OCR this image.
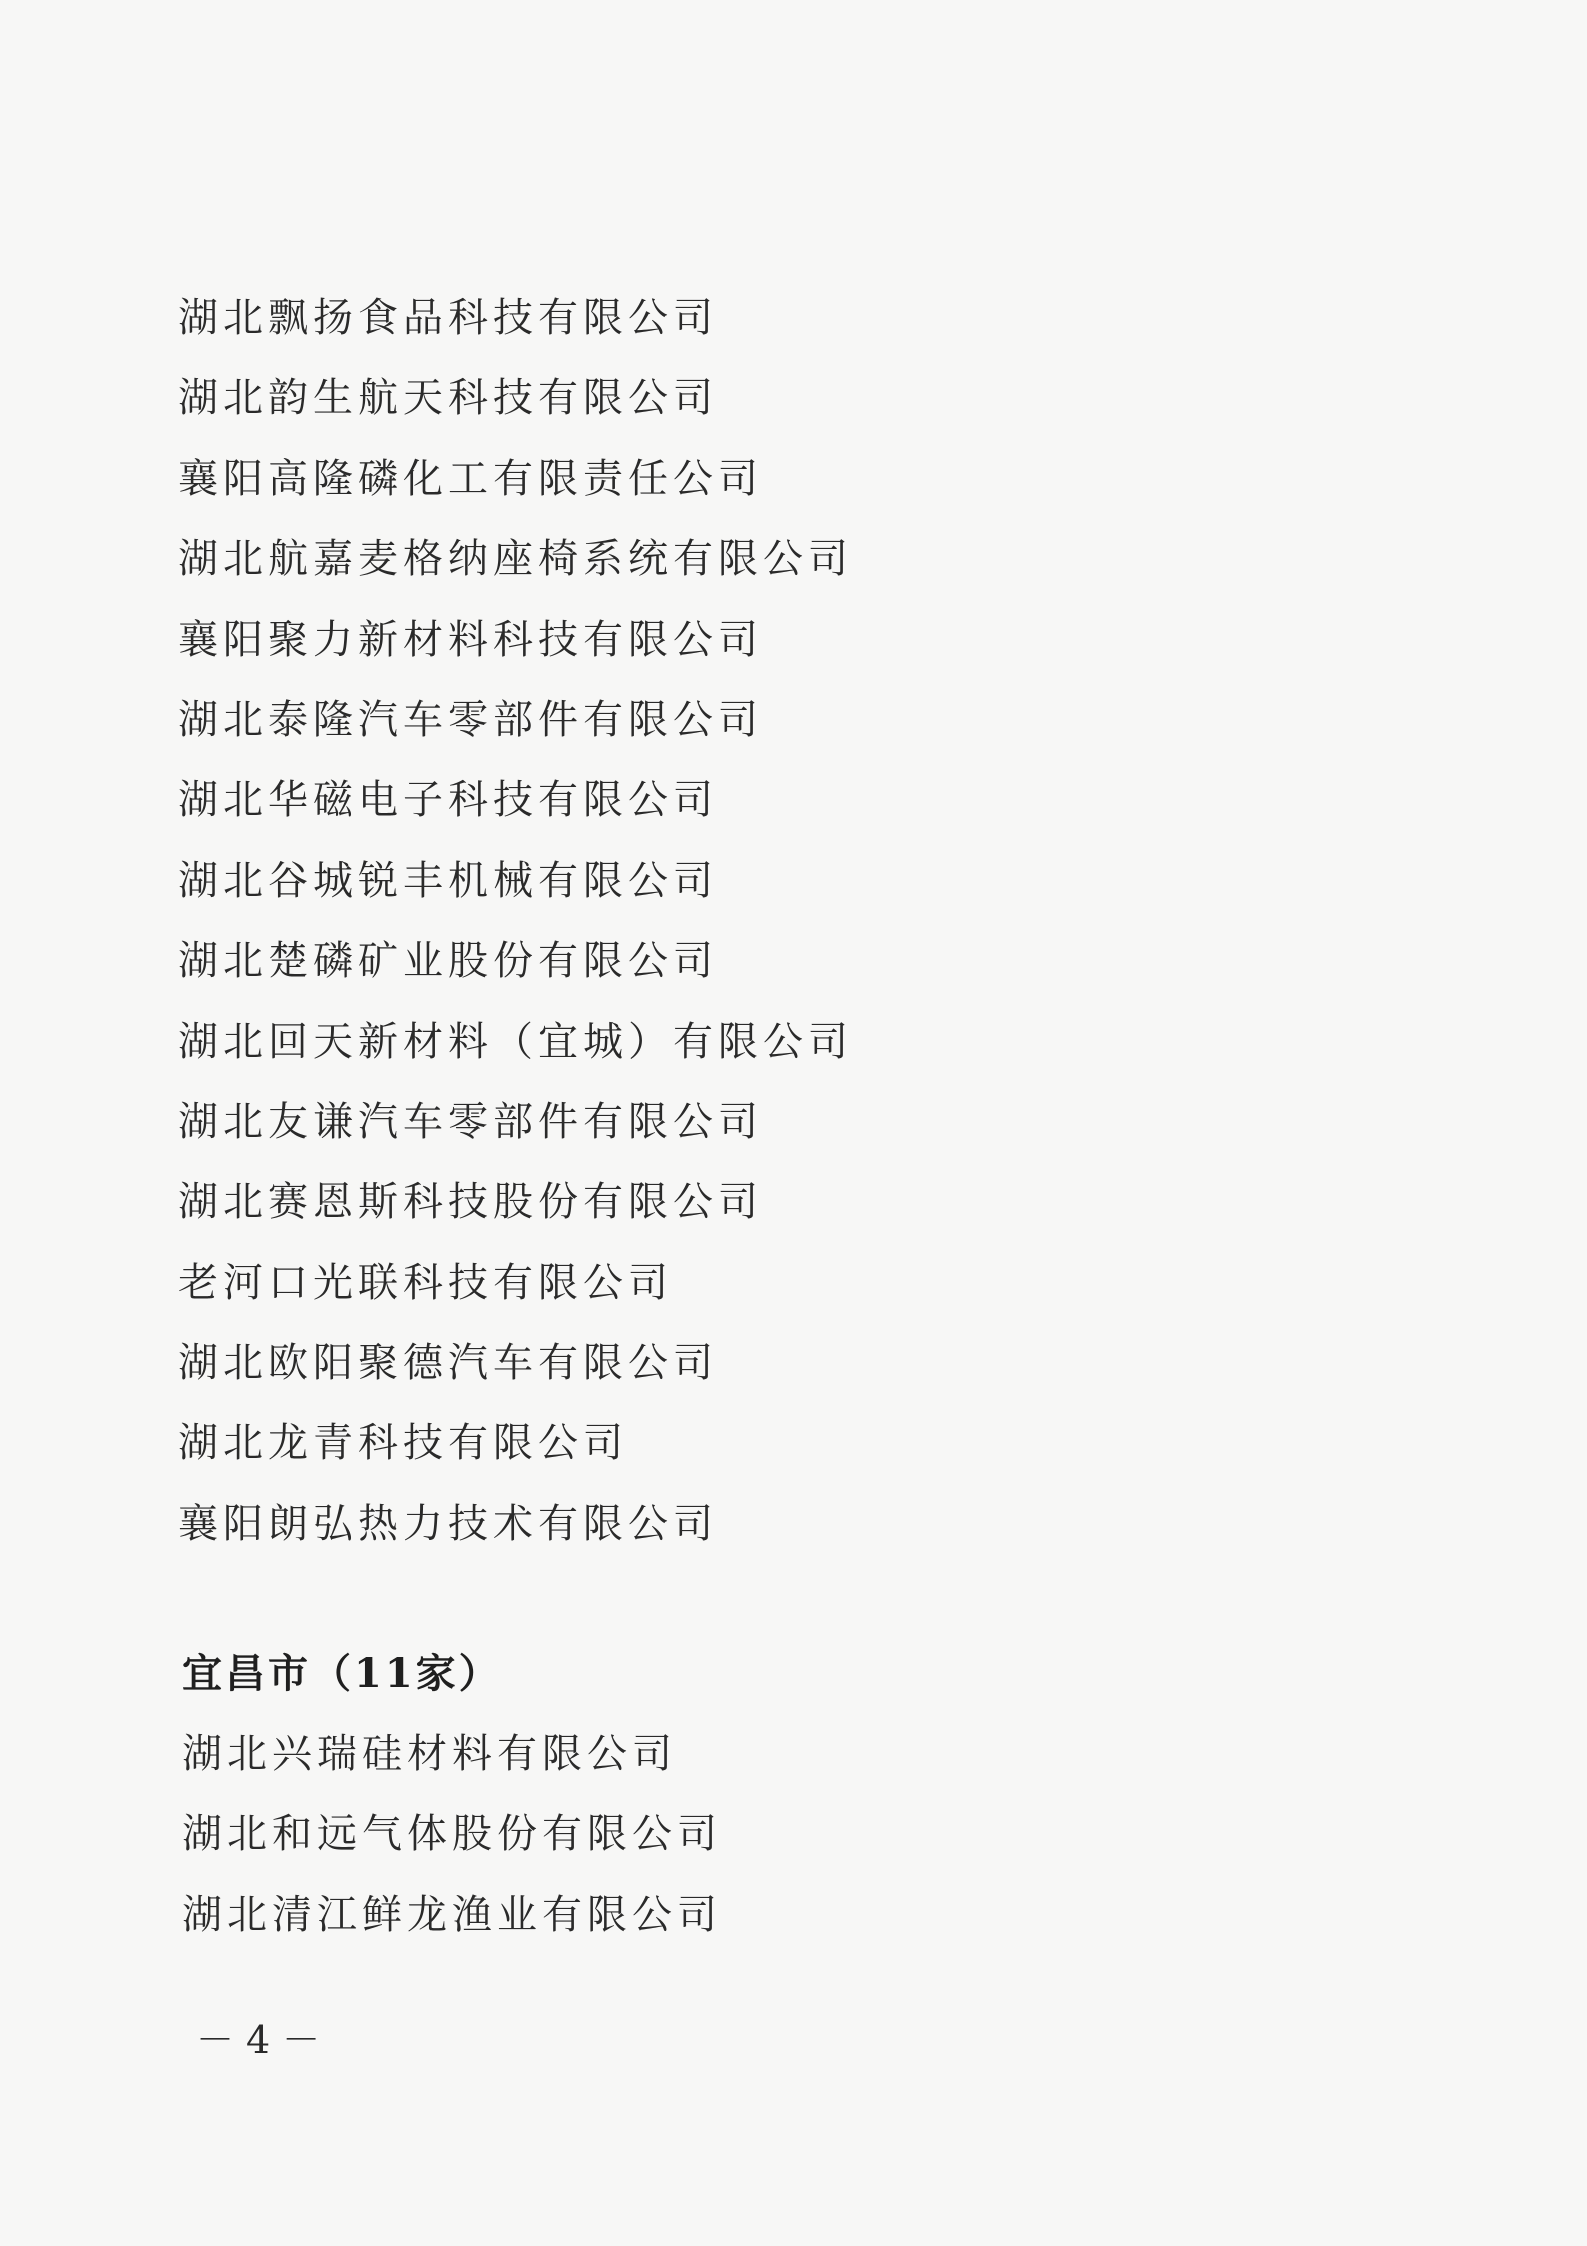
湖北飘扬食品科技有限公司
湖北韵生航天科技有限公司
襄阳高隆磷化工有限责任公司
湖北航嘉麦格纳座椅系统有限公司
襄阳聚力新材料科技有限公司
湖北泰隆汽车零部件有限公司
湖北华磁电子科技有限公司
湖北谷城锐丰机械有限公司
湖北楚磷矿业股份有限公司
湖北回天新材料（宜城）有限公司
湖北友谦汽车零部件有限公司
湖北赛恩斯科技股份有限公司
老河口光联科技有限公司
湖北欧阳聚德汽车有限公司
湖北龙青科技有限公司
襄阳朗弘热力技术有限公司
宜昌市（11家）
湖北兴瑞硅材料有限公司
湖北和远气体股份有限公司
湖北清江鲜龙渔业有限公司
－4－
